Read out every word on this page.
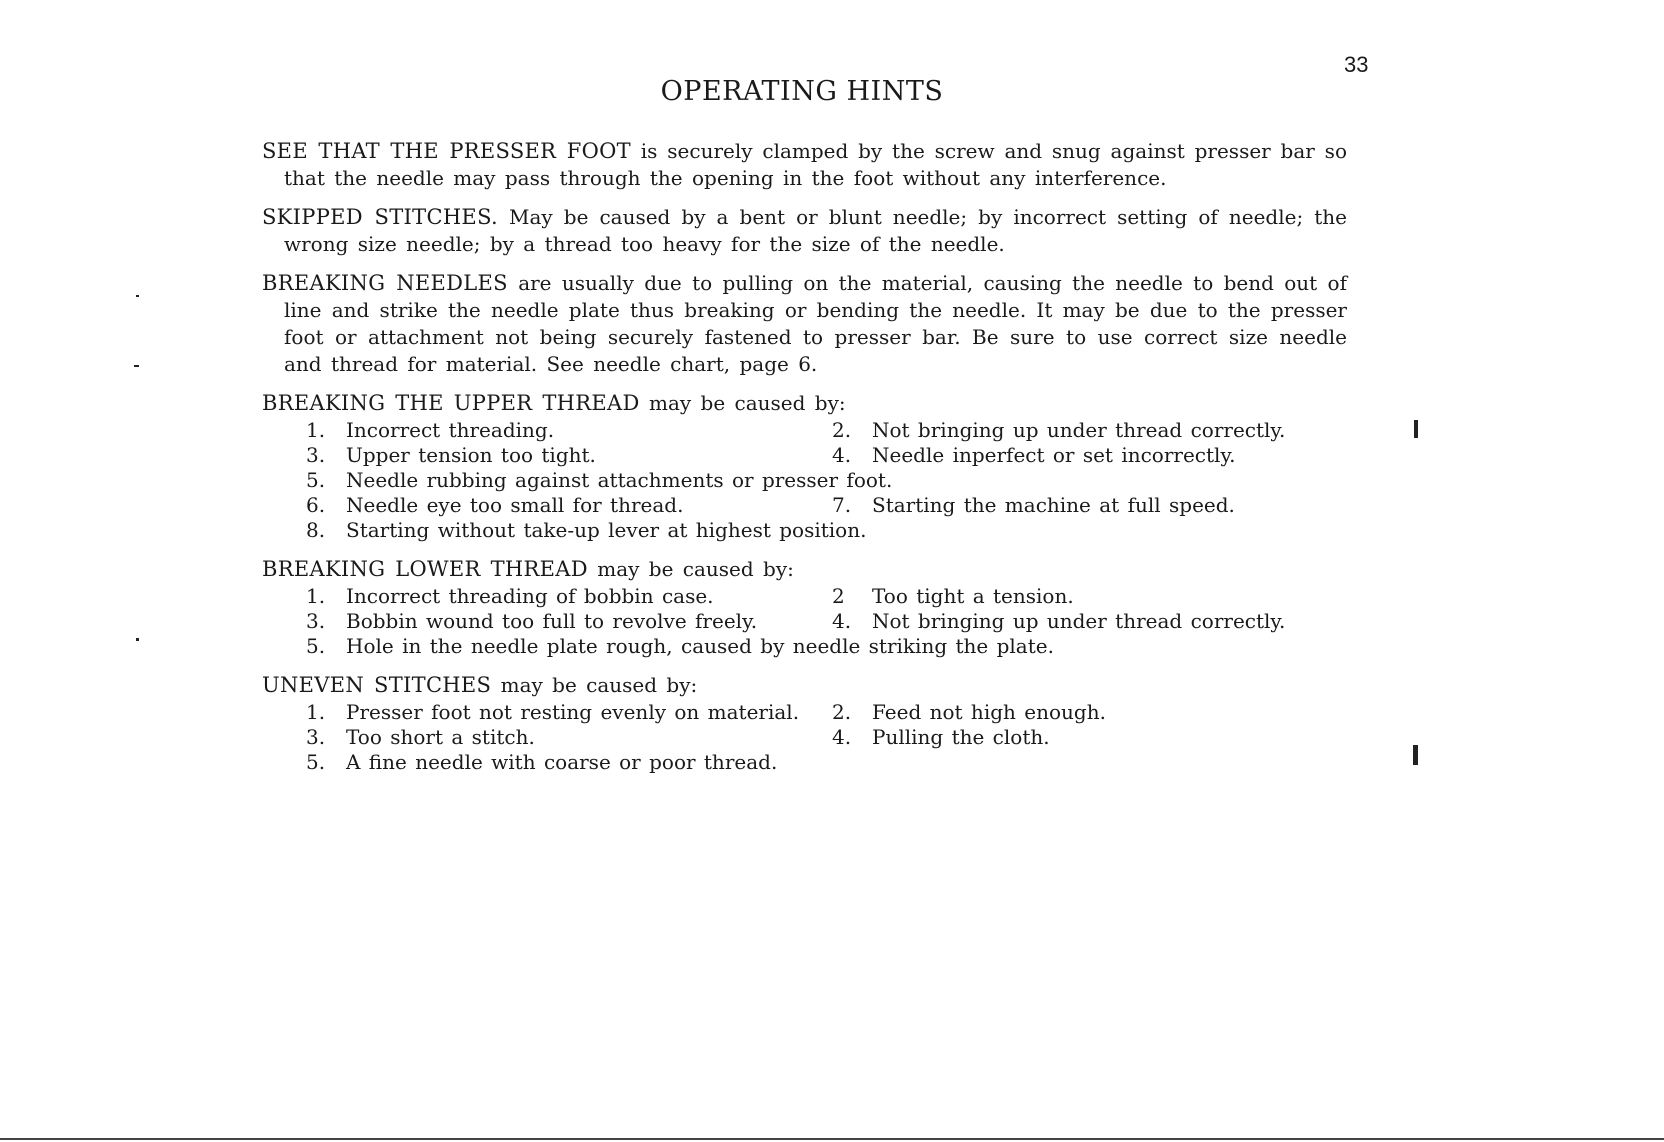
33
OPERATING HINTS

SEE THAT THE PRESSER FOOT is securely clamped by the screw and snug against presser bar so that the needle may pass through the opening in the foot without any interference.

SKIPPED STITCHES. May be caused by a bent or blunt needle; by incorrect setting of needle; the wrong size needle; by a thread too heavy for the size of the needle.

BREAKING NEEDLES are usually due to pulling on the material, causing the needle to bend out of line and strike the needle plate thus breaking or bending the needle. It may be due to the presser foot or attachment not being securely fastened to presser bar. Be sure to use correct size needle and thread for material. See needle chart, page 6.

BREAKING THE UPPER THREAD may be caused by:

1. Incorrect threading.	2. Not bringing up under thread correctly.
3. Upper tension too tight.	4. Needle inperfect or set incorrectly.
5. Needle rubbing against attachments or presser foot.
6. Needle eye too small for thread.	7. Starting the machine at full speed.
8. Starting without take-up lever at highest position.

BREAKING LOWER THREAD may be caused by:

1. Incorrect threading of bobbin case.	2 Too tight a tension.
3. Bobbin wound too full to revolve freely.	4. Not bringing up under thread correctly.
5. Hole in the needle plate rough, caused by needle striking the plate.

UNEVEN STITCHES may be caused by:

1. Presser foot not resting evenly on material. 2. Feed not high enough.
3. Too short a stitch.	4. Pulling the cloth.
5. A fine needle with coarse or poor thread.
